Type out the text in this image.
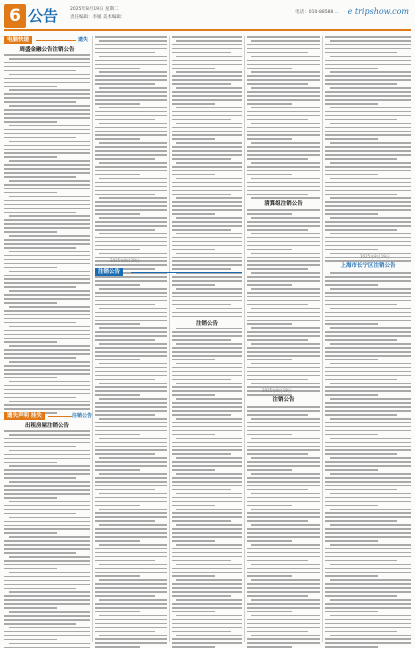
6 公告	2025年8月19日 星期二
责任编辑：李媛 美术编辑：
电话：010-88588 ... e tripshow.com
电脑快递	遗失
周盛金融公告注销公告
遗失声明 挂失	注销公告
出租房屋注销公告
注销公告
注销公告
2025年8月19日
清算组注销公告
注销公告
2025年8月19日
上海市长宁区注销公告
2025年8月19日
